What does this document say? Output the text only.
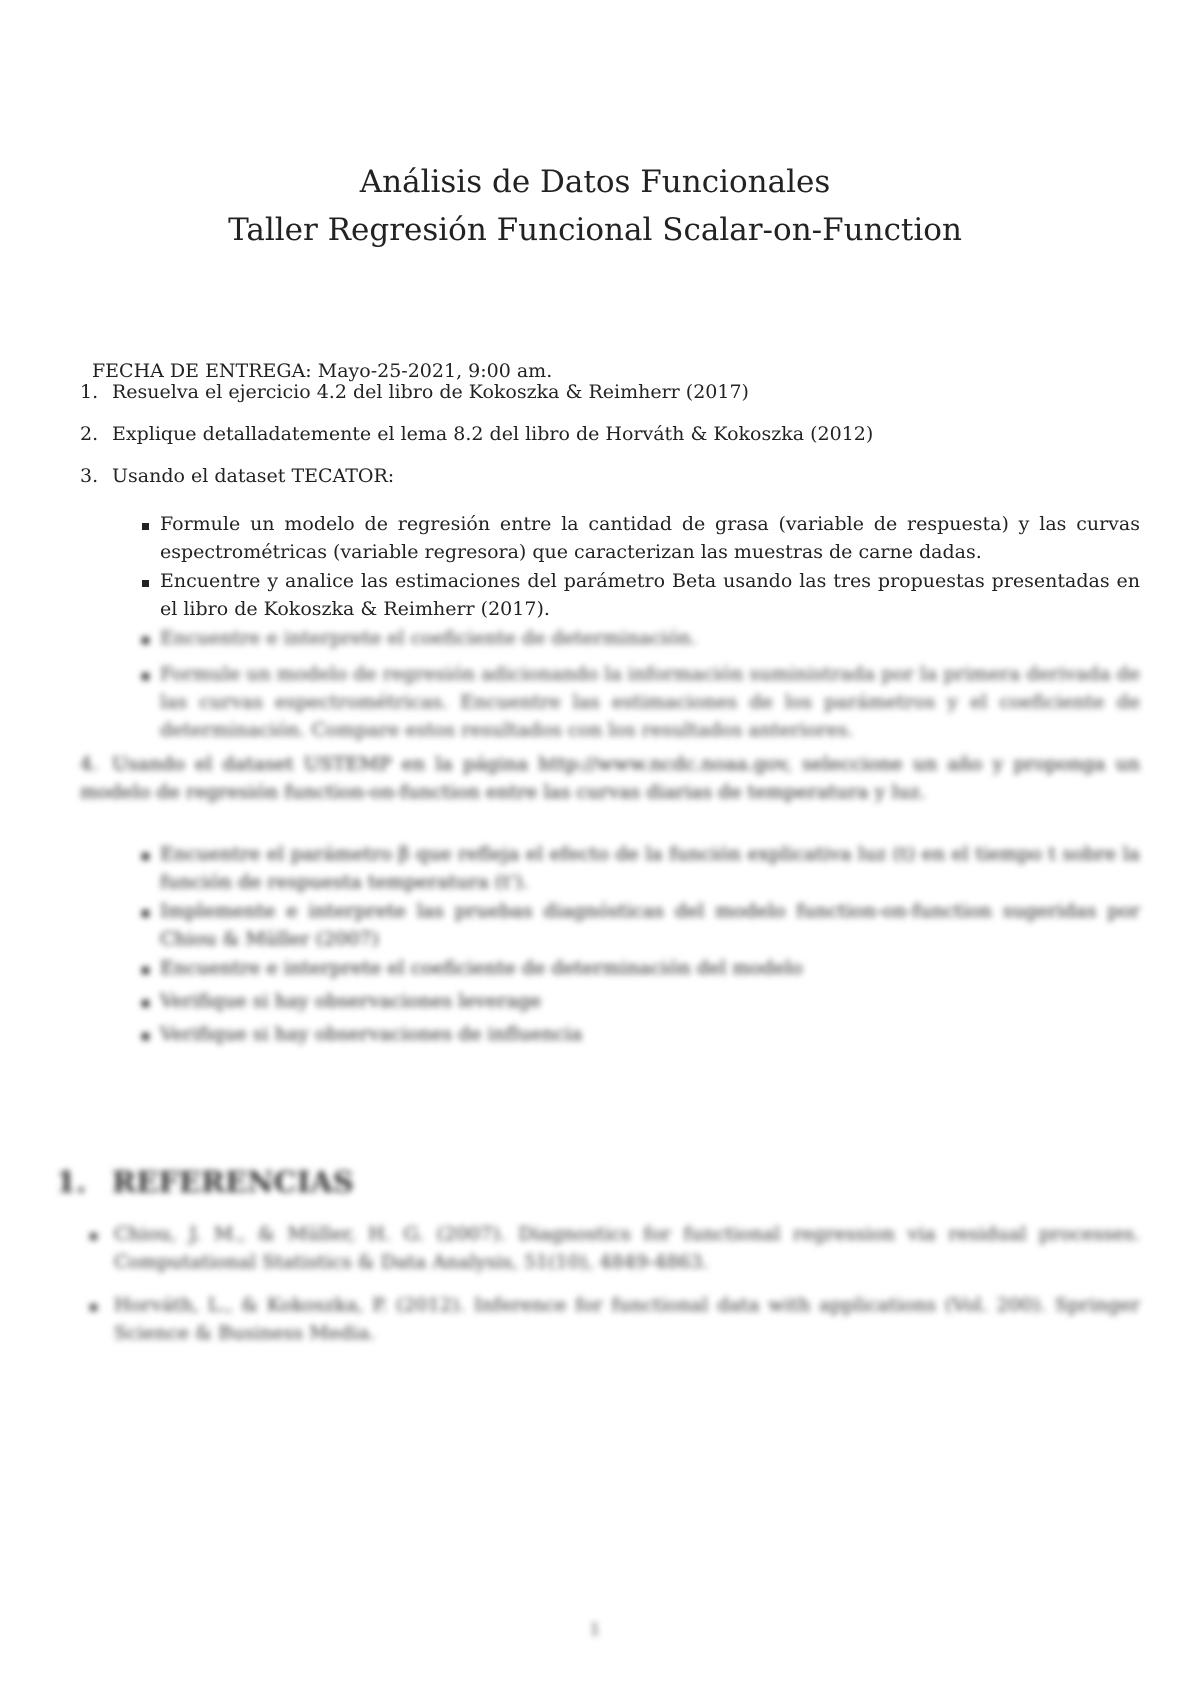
Análisis de Datos Funcionales
Taller Regresión Funcional Scalar-on-Function
FECHA DE ENTREGA: Mayo-25-2021, 9:00 am.
1. Resuelva el ejercicio 4.2 del libro de Kokoszka & Reimherr (2017)
2. Explique detalladatemente el lema 8.2 del libro de Horváth & Kokoszka (2012)
3. Usando el dataset TECATOR:
Formule un modelo de regresión entre la cantidad de grasa (variable de respuesta) y las curvas espectrométricas (variable regresora) que caracterizan las muestras de carne dadas.
Encuentre y analice las estimaciones del parámetro Beta usando las tres propuestas presentadas en el libro de Kokoszka & Reimherr (2017).
Encuentre e interprete el coeficiente de determinación.
Formule un modelo de regresión adicionando la información suministrada por la primera derivada de las curvas espectrométricas. Encuentre las estimaciones de los parámetros y el coeficiente de determinación. Compare estos resultados con los resultados anteriores.
4. Usando el dataset USTEMP en la página http://www.ncdc.noaa.gov, seleccione un año y proponga un modelo de regresión function-on-function entre las curvas diarias de temperatura y luz.
Encuentre el parámetro β que refleja el efecto de la función explicativa luz (t) en el tiempo t sobre la función de respuesta temperatura (t').
Implemente e interprete las pruebas diagnósticas del modelo function-on-function sugeridas por Chiou & Müller (2007)
Encuentre e interprete el coeficiente de determinación del modelo
Verifique si hay observaciones leverage
Verifique si hay observaciones de influencia
1. REFERENCIAS
Chiou, J. M., & Müller, H. G. (2007). Diagnostics for functional regression via residual processes. Computational Statistics & Data Analysis, 51(10), 4849-4863.
Horváth, L., & Kokoszka, P. (2012). Inference for functional data with applications (Vol. 200). Springer Science & Business Media.
1
